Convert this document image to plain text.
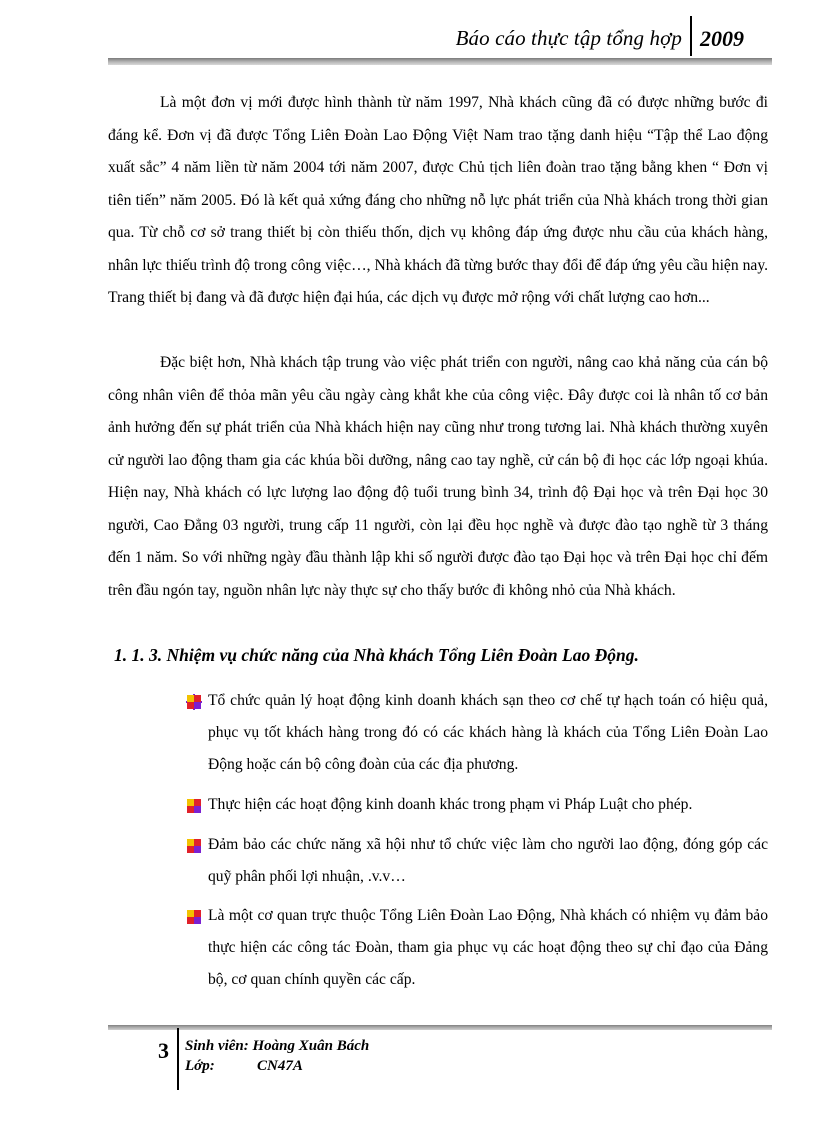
Báo cáo thực tập tổng hợp 2009

Là một đơn vị mới được hình thành từ năm 1997, Nhà khách cũng đã có được những bước đi đáng kể. Đơn vị đã được Tổng Liên Đoàn Lao Động Việt Nam trao tặng danh hiệu “Tập thể Lao động xuất sắc” 4 năm liền từ năm 2004 tới năm 2007, được Chủ tịch liên đoàn trao tặng bằng khen “ Đơn vị tiên tiến” năm 2005. Đó là kết quả xứng đáng cho những nỗ lực phát triển của Nhà khách trong thời gian qua. Từ chỗ cơ sở trang thiết bị còn thiếu thốn, dịch vụ không đáp ứng được nhu cầu của khách hàng, nhân lực thiếu trình độ trong công việc…, Nhà khách đã từng bước thay đổi để đáp ứng yêu cầu hiện nay. Trang thiết bị đang và đã được hiện đại húa, các dịch vụ được mở rộng với chất lượng cao hơn...

Đặc biệt hơn, Nhà khách tập trung vào việc phát triển con người, nâng cao khả năng của cán bộ công nhân viên để thỏa mãn yêu cầu ngày càng khắt khe của công việc. Đây được coi là nhân tố cơ bản ảnh hưởng đến sự phát triển của Nhà khách hiện nay cũng như trong tương lai. Nhà khách thường xuyên cử người lao động tham gia các khúa bồi dưỡng, nâng cao tay nghề, cử cán bộ đi học các lớp ngoại khúa. Hiện nay, Nhà khách có lực lượng lao động độ tuổi trung bình 34, trình độ Đại học và trên Đại học 30 người, Cao Đẳng 03 người, trung cấp 11 người, còn lại đều học nghề và được đào tạo nghề từ 3 tháng đến 1 năm. So với những ngày đầu thành lập khi số người được đào tạo Đại học và trên Đại học chỉ đếm trên đầu ngón tay, nguồn nhân lực này thực sự cho thấy bước đi không nhỏ của Nhà khách.

1. 1. 3. Nhiệm vụ chức năng của Nhà khách Tổng Liên Đoàn Lao Động.
Tổ chức quản lý hoạt động kinh doanh khách sạn theo cơ chế tự hạch toán có hiệu quả, phục vụ tốt khách hàng trong đó có các khách hàng là khách của Tổng Liên Đoàn Lao Động hoặc cán bộ công đoàn của các địa phương.
Thực hiện các hoạt động kinh doanh khác trong phạm vi Pháp Luật cho phép.
Đảm bảo các chức năng xã hội như tổ chức việc làm cho người lao động, đóng góp các quỹ phân phối lợi nhuận, .v.v…
Là một cơ quan trực thuộc Tổng Liên Đoàn Lao Động, Nhà khách có nhiệm vụ đảm bảo thực hiện các công tác Đoàn, tham gia phục vụ các hoạt động theo sự chỉ đạo của Đảng bộ, cơ quan chính quyền các cấp.
3 Sinh viên: Hoàng Xuân Bách
Lớp:	CN47A
